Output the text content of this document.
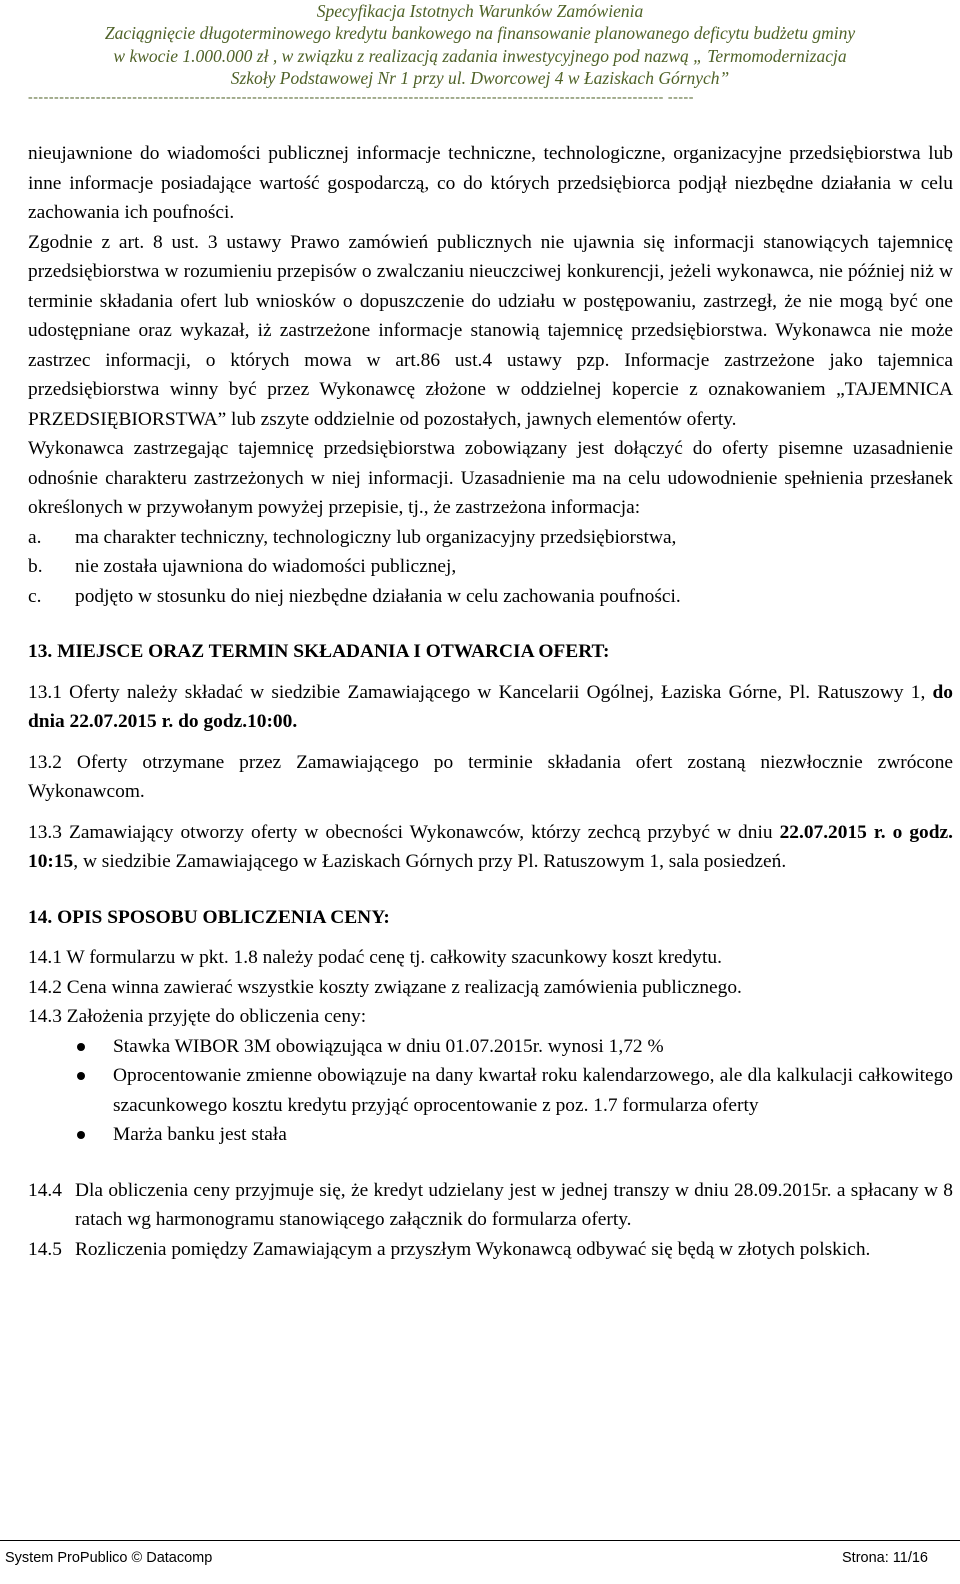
Specyfikacja Istotnych Warunków Zamówienia
Zaciągnięcie długoterminowego kredytu bankowego na finansowanie planowanego deficytu budżetu gminy
w kwocie 1.000.000 zł , w związku z realizacją zadania inwestycyjnego pod nazwą „ Termomodernizacja
Szkoły Podstawowej Nr 1 przy ul. Dworcowej 4 w Łaziskach Górnych”
-------------------------------------------------------------------------------------------------------------------------- -----

nieujawnione do wiadomości publicznej informacje techniczne, technologiczne, organizacyjne przedsiębiorstwa lub inne informacje posiadające wartość gospodarczą, co do których przedsiębiorca podjął niezbędne działania w celu zachowania ich poufności.

Zgodnie z art. 8 ust. 3 ustawy Prawo zamówień publicznych nie ujawnia się informacji stanowiących tajemnicę przedsiębiorstwa w rozumieniu przepisów o zwalczaniu nieuczciwej konkurencji, jeżeli wykonawca, nie później niż w terminie składania ofert lub wniosków o dopuszczenie do udziału w postępowaniu, zastrzegł, że nie mogą być one udostępniane oraz wykazał, iż zastrzeżone informacje stanowią tajemnicę przedsiębiorstwa. Wykonawca nie może zastrzec informacji, o których mowa w art.86 ust.4 ustawy pzp. Informacje zastrzeżone jako tajemnica przedsiębiorstwa winny być przez Wykonawcę złożone w oddzielnej kopercie z oznakowaniem „TAJEMNICA PRZEDSIĘBIORSTWA” lub zszyte oddzielnie od pozostałych, jawnych elementów oferty.

Wykonawca zastrzegając tajemnicę przedsiębiorstwa zobowiązany jest dołączyć do oferty pisemne uzasadnienie odnośnie charakteru zastrzeżonych w niej informacji. Uzasadnienie ma na celu udowodnienie spełnienia przesłanek określonych w przywołanym powyżej przepisie, tj., że zastrzeżona informacja:

a. ma charakter techniczny, technologiczny lub organizacyjny przedsiębiorstwa,

b. nie została ujawniona do wiadomości publicznej,

c. podjęto w stosunku do niej niezbędne działania w celu zachowania poufności.

13. MIEJSCE ORAZ TERMIN SKŁADANIA I OTWARCIA OFERT:

13.1 Oferty należy składać w siedzibie Zamawiającego w Kancelarii Ogólnej, Łaziska Górne, Pl. Ratuszowy 1, do dnia 22.07.2015 r. do godz.10:00.

13.2 Oferty otrzymane przez Zamawiającego po terminie składania ofert zostaną niezwłocznie zwrócone Wykonawcom.

13.3 Zamawiający otworzy oferty w obecności Wykonawców, którzy zechcą przybyć w dniu 22.07.2015 r. o godz. 10:15, w siedzibie Zamawiającego w Łaziskach Górnych przy Pl. Ratuszowym 1, sala posiedzeń.

14. OPIS SPOSOBU OBLICZENIA CENY:

14.1 W formularzu w pkt. 1.8 należy podać cenę tj. całkowity szacunkowy koszt kredytu.

14.2 Cena winna zawierać wszystkie koszty związane z realizacją zamówienia publicznego.

14.3 Założenia przyjęte do obliczenia ceny:

Stawka WIBOR 3M obowiązująca w dniu 01.07.2015r. wynosi 1,72 %

Oprocentowanie zmienne obowiązuje na dany kwartał roku kalendarzowego, ale dla kalkulacji całkowitego szacunkowego kosztu kredytu przyjąć oprocentowanie z poz. 1.7 formularza oferty

Marża banku jest stała

14.4 Dla obliczenia ceny przyjmuje się, że kredyt udzielany jest w jednej transzy w dniu 28.09.2015r. a spłacany w 8 ratach wg harmonogramu stanowiącego załącznik do formularza oferty.

14.5 Rozliczenia pomiędzy Zamawiającym a przyszłym Wykonawcą odbywać się będą w złotych polskich.

System ProPublico © Datacomp	Strona: 11/16
